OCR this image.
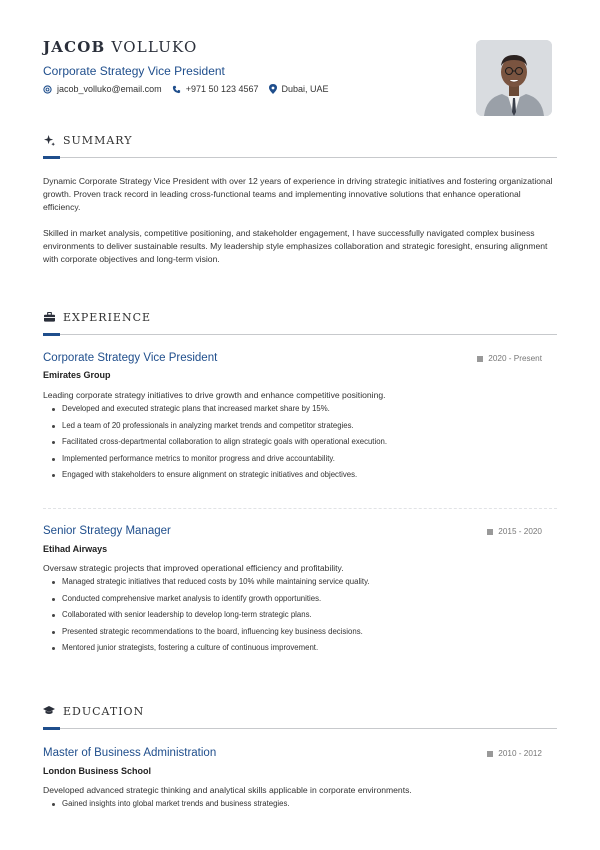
JACOB VOLLUKO
Corporate Strategy Vice President
jacob_volluko@email.com	+971 50 123 4567	Dubai, UAE
SUMMARY
Dynamic Corporate Strategy Vice President with over 12 years of experience in driving strategic initiatives and fostering organizational growth. Proven track record in leading cross-functional teams and implementing innovative solutions that enhance operational efficiency.
Skilled in market analysis, competitive positioning, and stakeholder engagement, I have successfully navigated complex business environments to deliver sustainable results. My leadership style emphasizes collaboration and strategic foresight, ensuring alignment with corporate objectives and long-term vision.
EXPERIENCE
Corporate Strategy Vice President	2020 - Present
Emirates Group
Leading corporate strategy initiatives to drive growth and enhance competitive positioning.
Developed and executed strategic plans that increased market share by 15%.
Led a team of 20 professionals in analyzing market trends and competitor strategies.
Facilitated cross-departmental collaboration to align strategic goals with operational execution.
Implemented performance metrics to monitor progress and drive accountability.
Engaged with stakeholders to ensure alignment on strategic initiatives and objectives.
Senior Strategy Manager	2015 - 2020
Etihad Airways
Oversaw strategic projects that improved operational efficiency and profitability.
Managed strategic initiatives that reduced costs by 10% while maintaining service quality.
Conducted comprehensive market analysis to identify growth opportunities.
Collaborated with senior leadership to develop long-term strategic plans.
Presented strategic recommendations to the board, influencing key business decisions.
Mentored junior strategists, fostering a culture of continuous improvement.
EDUCATION
Master of Business Administration	2010 - 2012
London Business School
Developed advanced strategic thinking and analytical skills applicable in corporate environments.
Gained insights into global market trends and business strategies.
